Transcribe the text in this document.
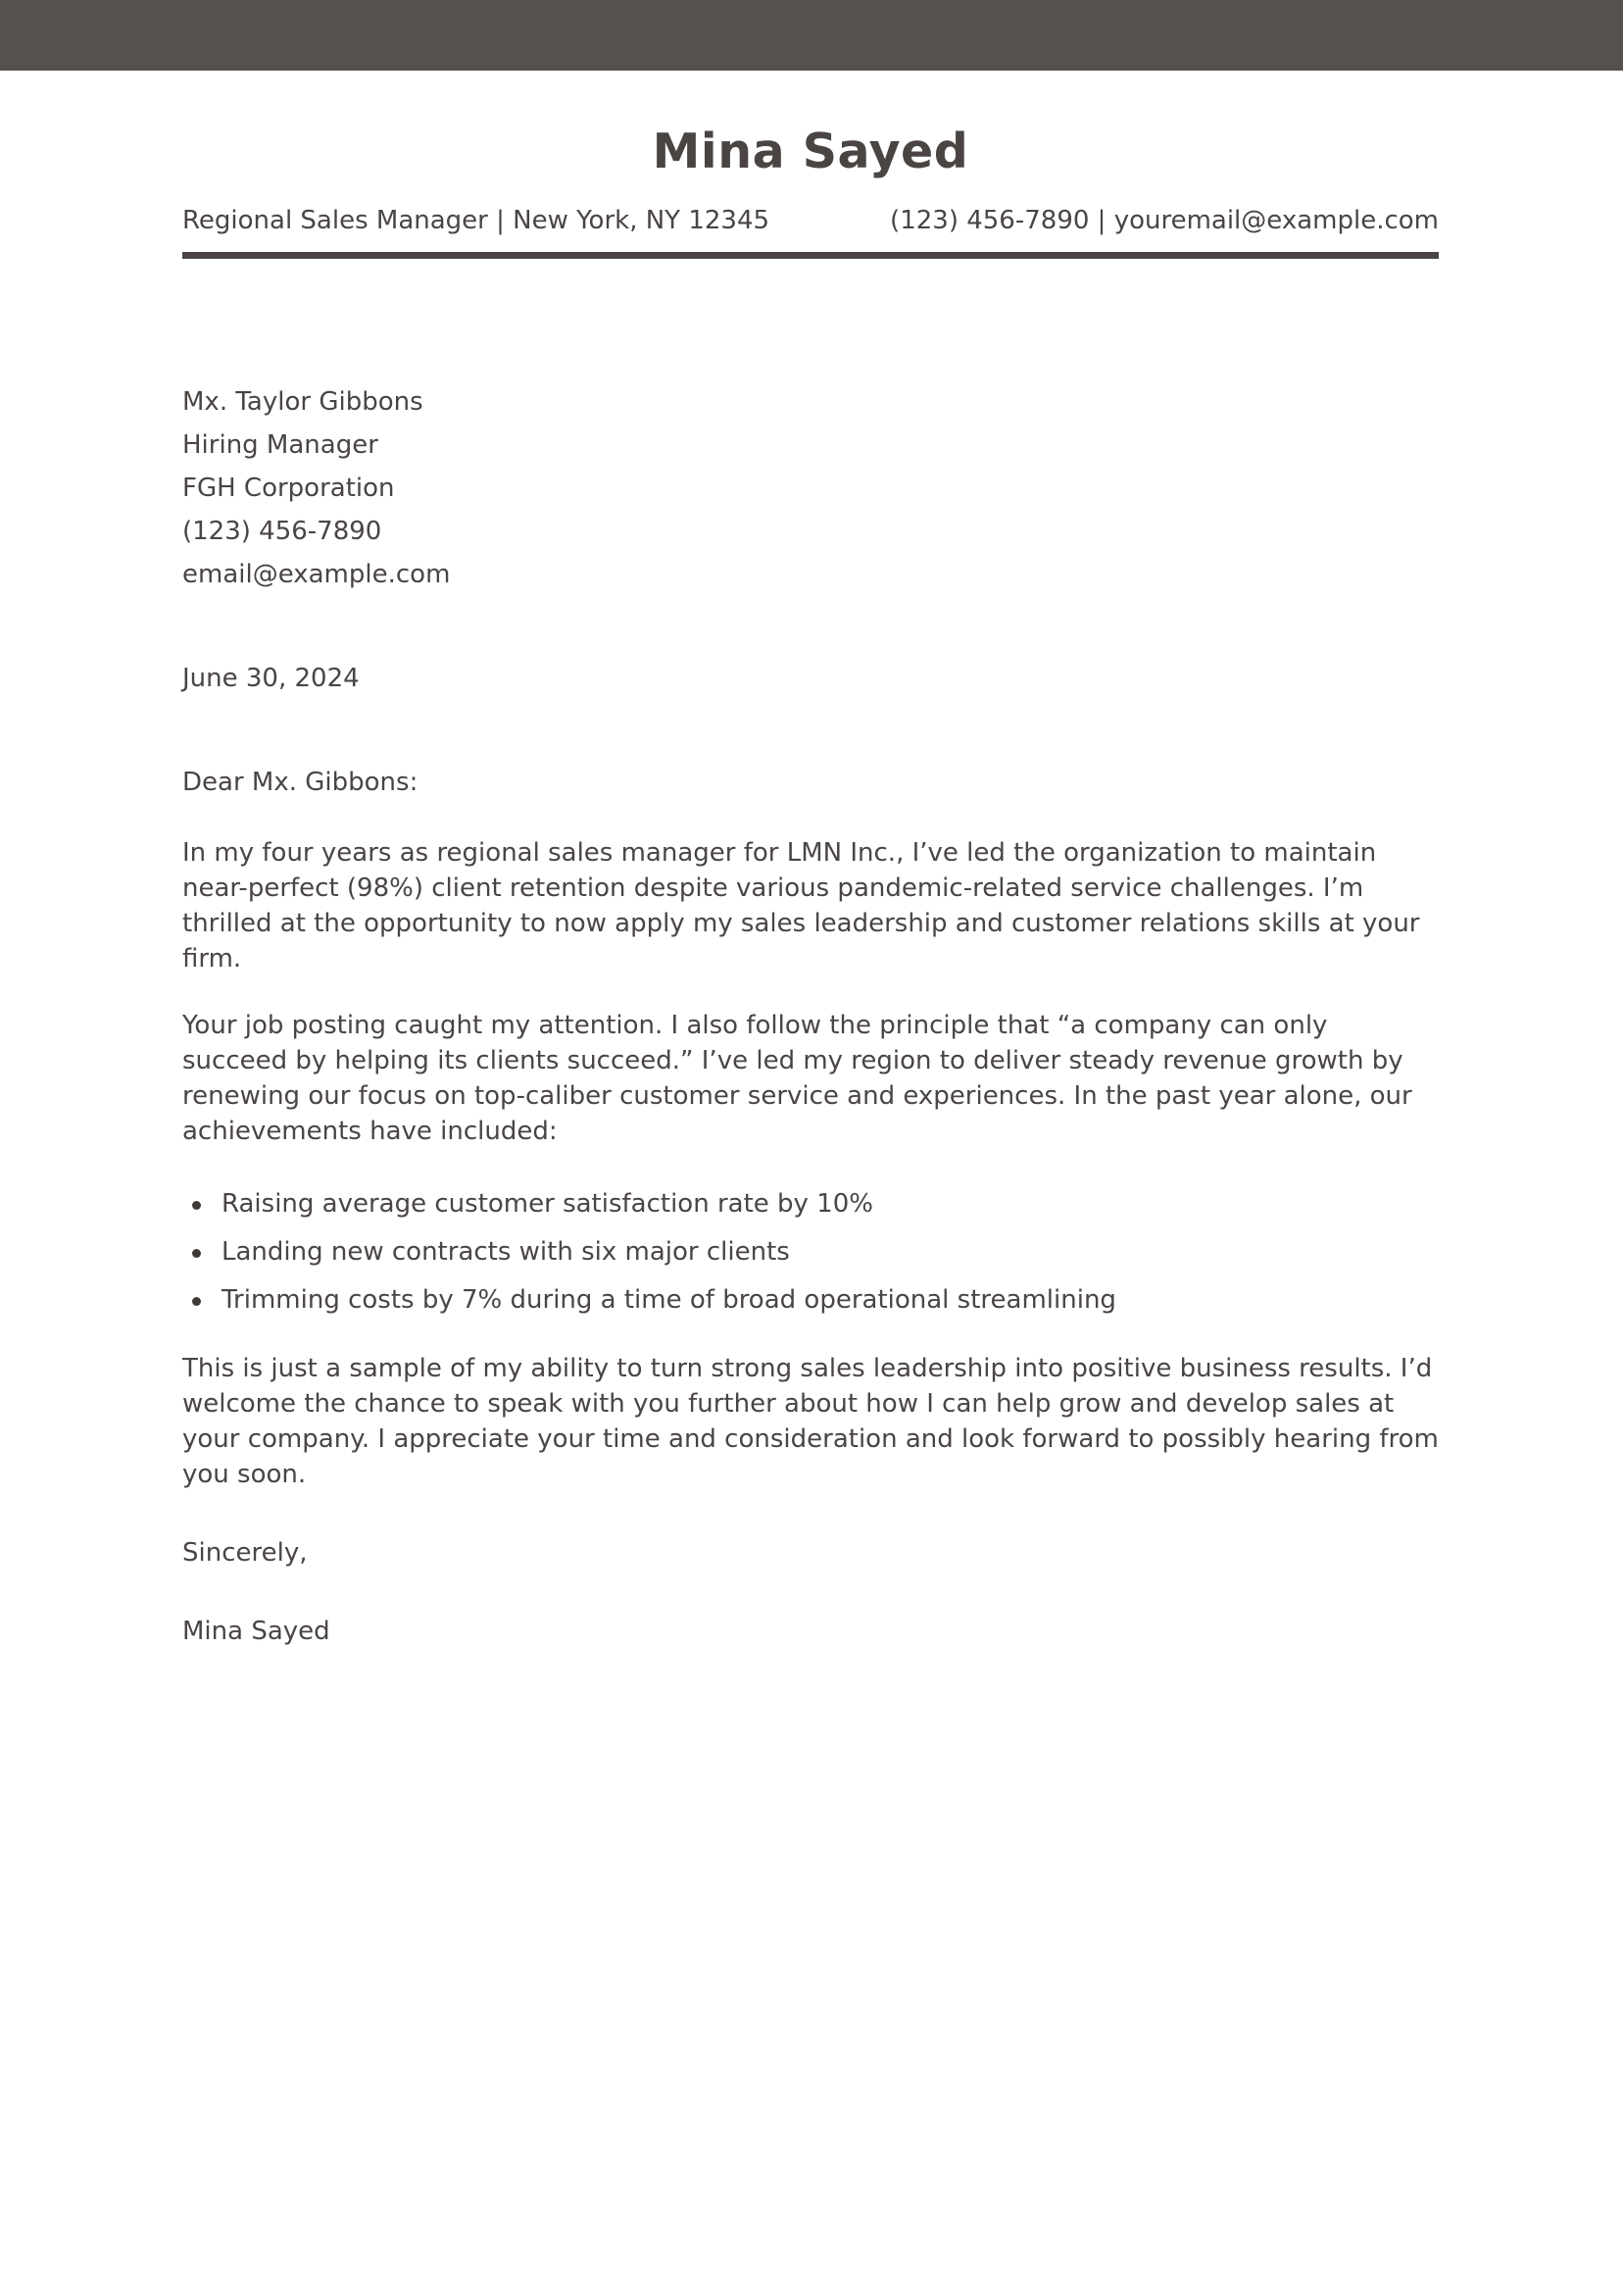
Mina Sayed
Regional Sales Manager | New York, NY 12345	(123) 456-7890 | youremail@example.com
Mx. Taylor Gibbons
Hiring Manager
FGH Corporation
(123) 456-7890
email@example.com
June 30, 2024
Dear Mx. Gibbons:

In my four years as regional sales manager for LMN Inc., I’ve led the organization to maintain near-perfect (98%) client retention despite various pandemic-related service challenges. I’m thrilled at the opportunity to now apply my sales leadership and customer relations skills at your firm.

Your job posting caught my attention. I also follow the principle that “a company can only succeed by helping its clients succeed.” I’ve led my region to deliver steady revenue growth by renewing our focus on top-caliber customer service and experiences. In the past year alone, our achievements have included:

Raising average customer satisfaction rate by 10%
Landing new contracts with six major clients
Trimming costs by 7% during a time of broad operational streamlining

This is just a sample of my ability to turn strong sales leadership into positive business results. I’d welcome the chance to speak with you further about how I can help grow and develop sales at your company. I appreciate your time and consideration and look forward to possibly hearing from you soon.

Sincerely,
Mina Sayed
